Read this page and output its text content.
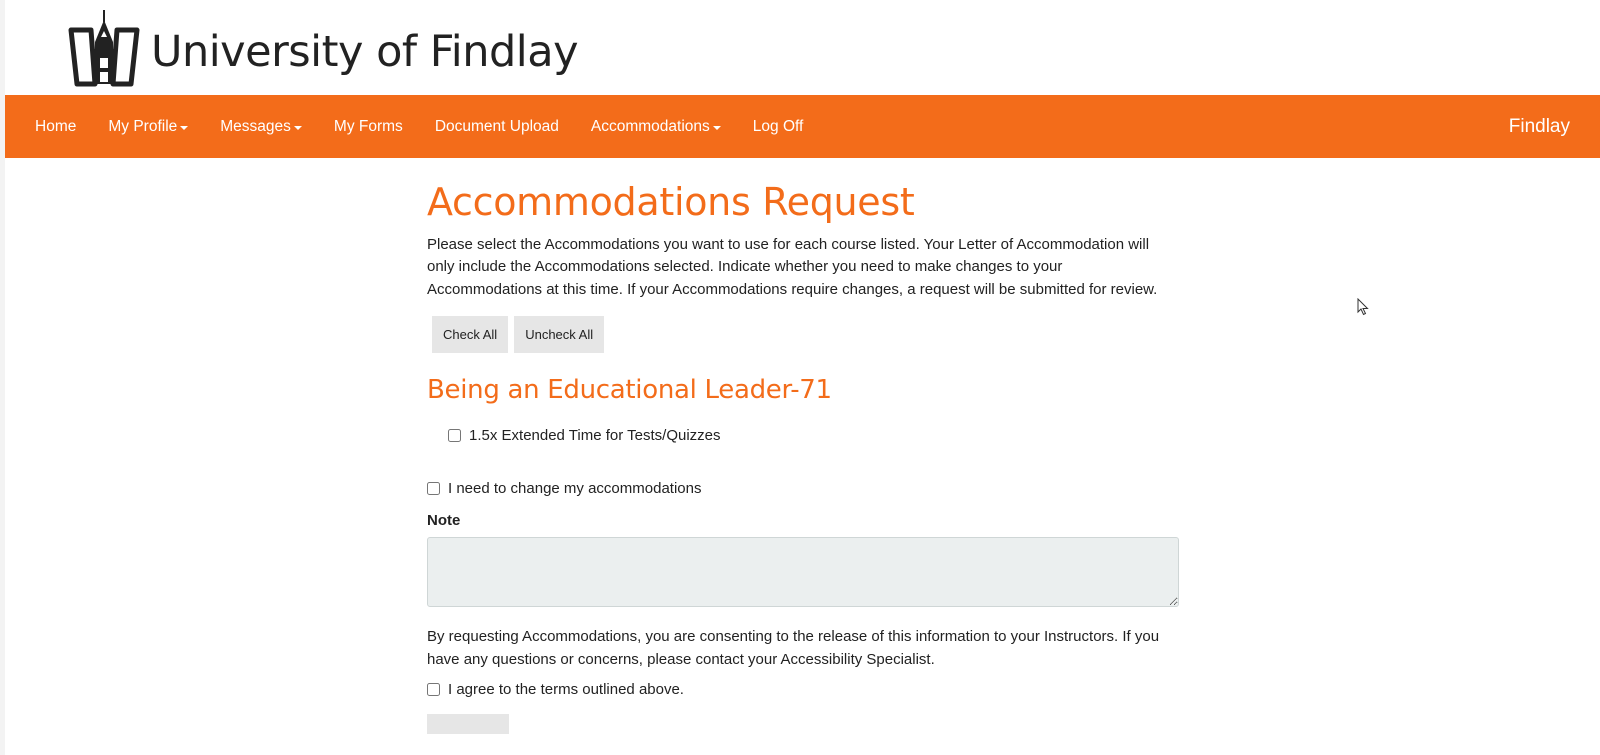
University of Findlay
Home My Profile	Messages	My Forms Document Upload Accommodations	Log Off	Findlay
Accommodations Request
Please select the Accommodations you want to use for each course listed. Your Letter of Accommodation will only include the Accommodations selected. Indicate whether you need to make changes to your Accommodations at this time. If your Accommodations require changes, a request will be submitted for review.
Check All	Uncheck All
Being an Educational Leader-71
1.5x Extended Time for Tests/Quizzes
I need to change my accommodations
Note
By requesting Accommodations, you are consenting to the release of this information to your Instructors. If you have any questions or concerns, please contact your Accessibility Specialist.
I agree to the terms outlined above.
